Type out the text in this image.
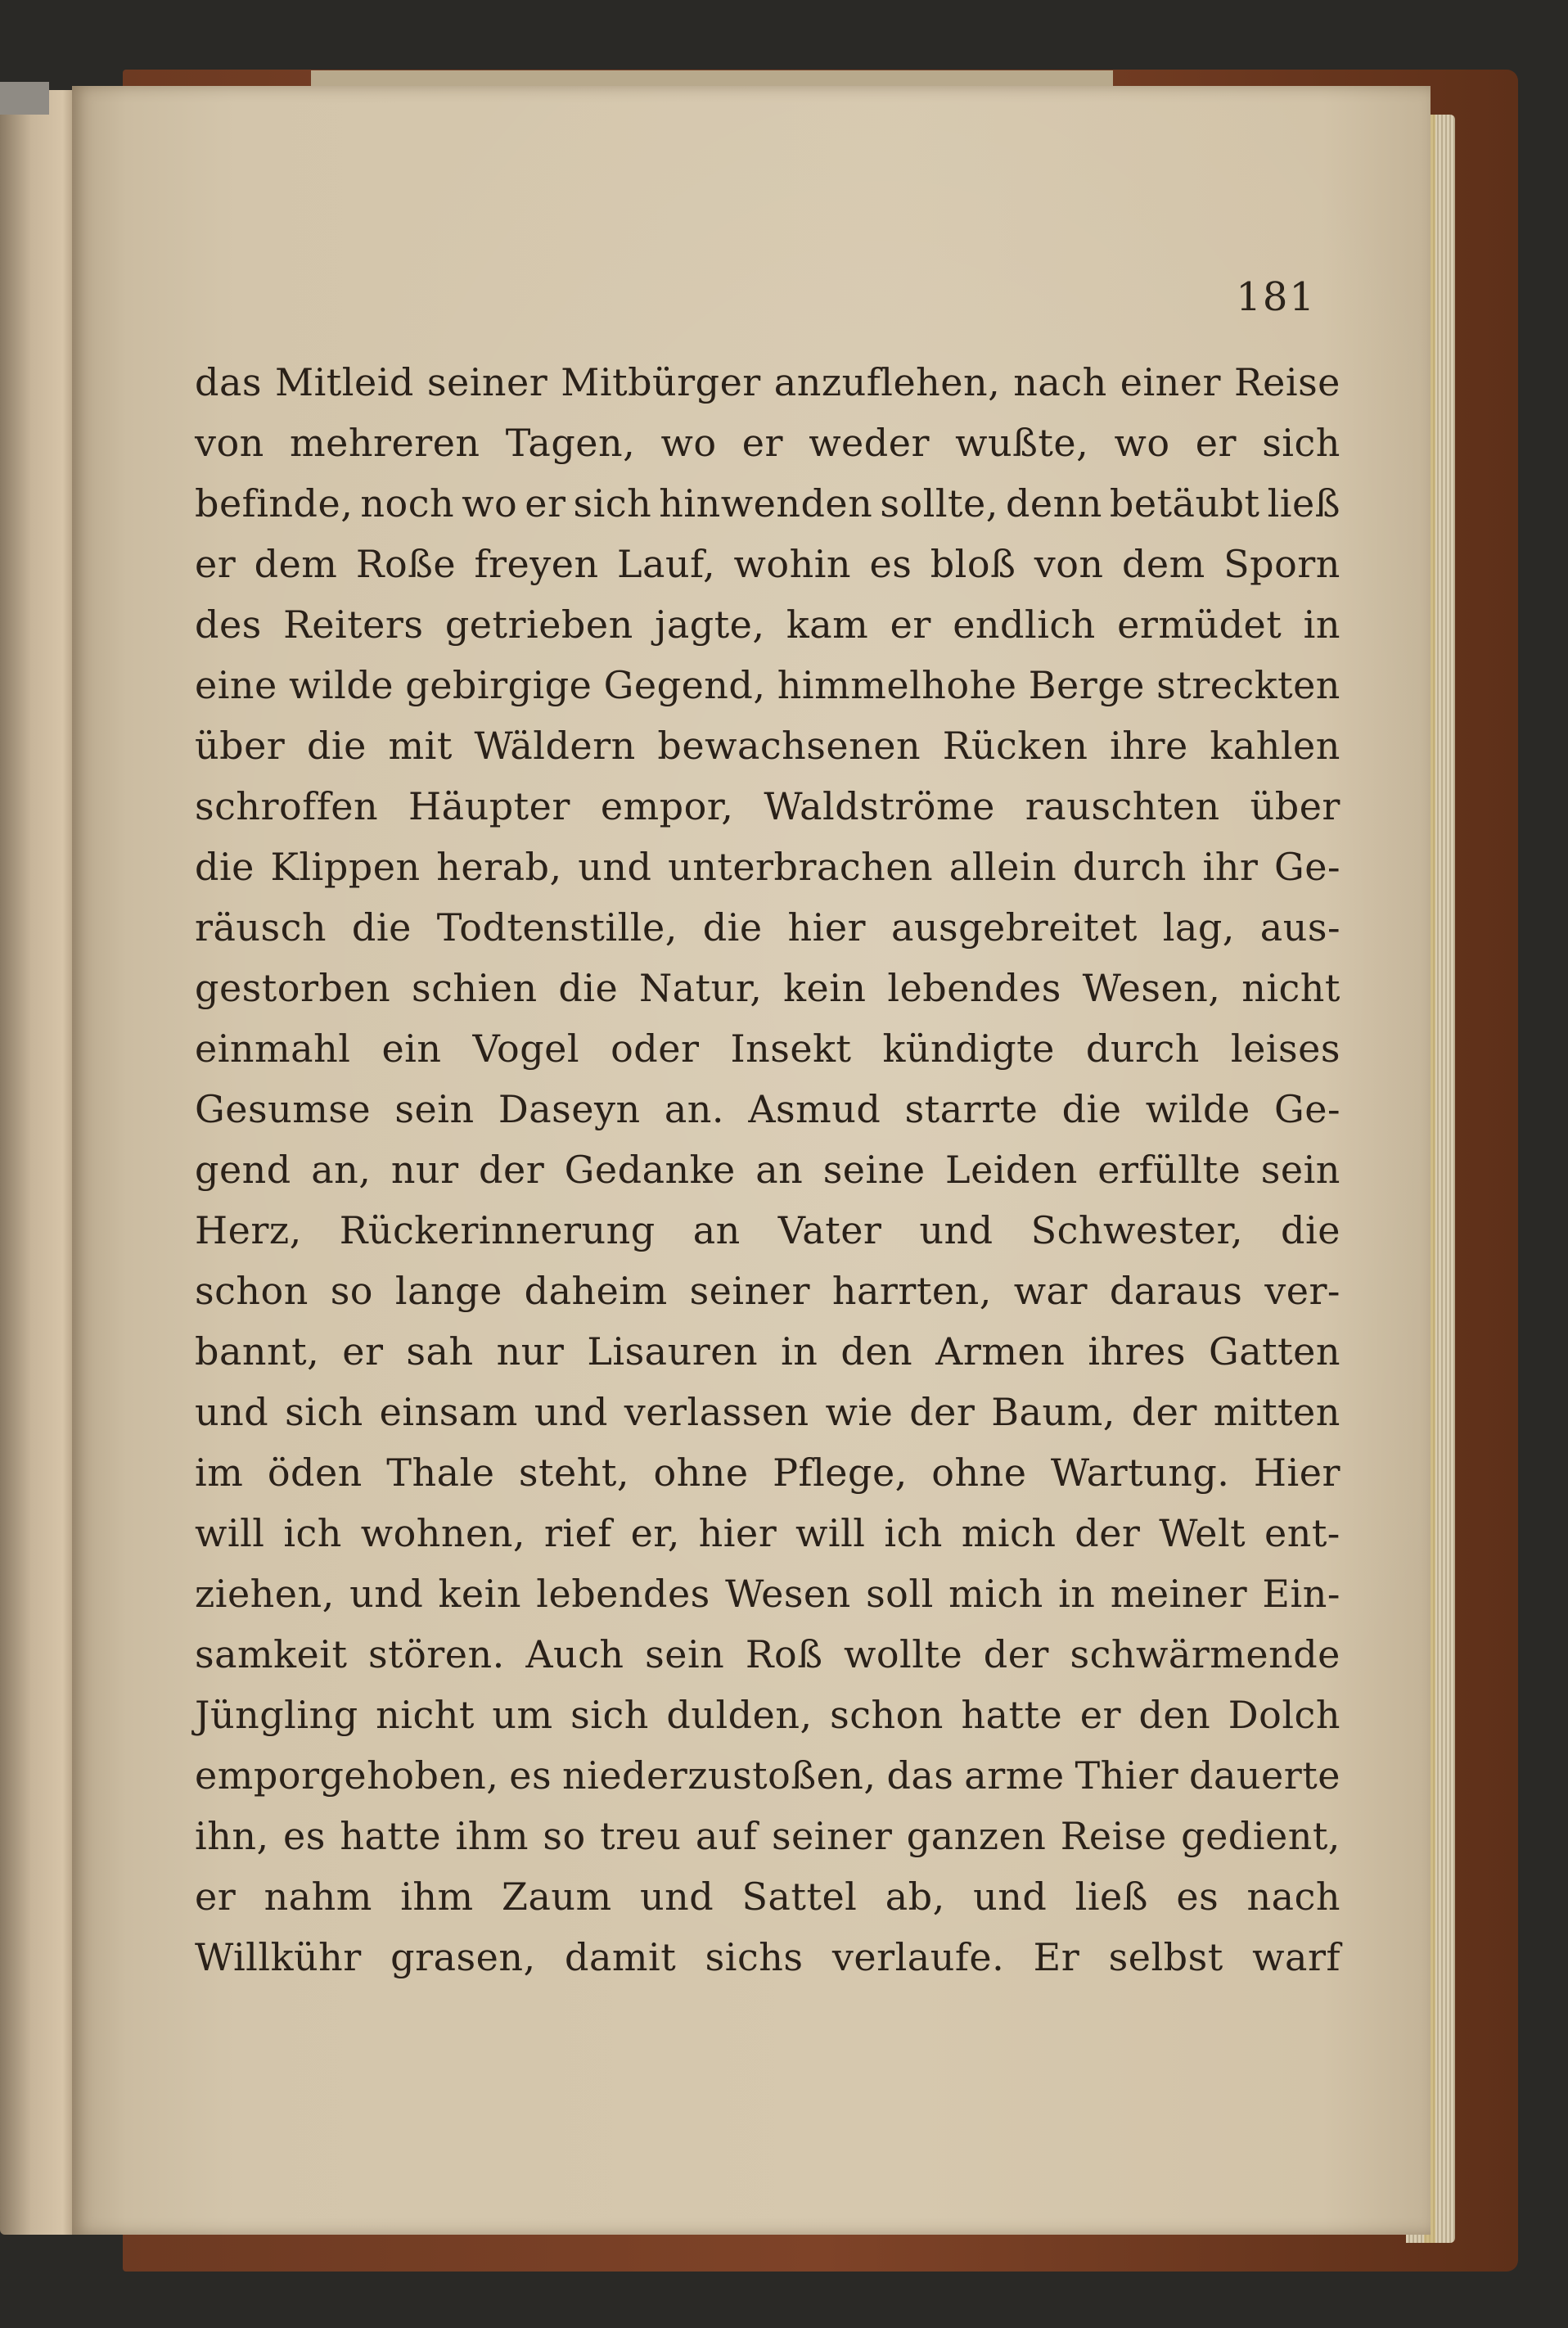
181
das Mitleid seiner Mitbürger anzuflehen, nach einer Reise
von mehreren Tagen, wo er weder wußte, wo er sich
befinde, noch wo er sich hinwenden sollte, denn betäubt ließ
er dem Roße freyen Lauf, wohin es bloß von dem Sporn
des Reiters getrieben jagte, kam er endlich ermüdet in
eine wilde gebirgige Gegend, himmelhohe Berge streckten
über die mit Wäldern bewachsenen Rücken ihre kahlen
schroffen Häupter empor, Waldströme rauschten über
die Klippen herab, und unterbrachen allein durch ihr Ge-
räusch die Todtenstille, die hier ausgebreitet lag, aus-
gestorben schien die Natur, kein lebendes Wesen, nicht
einmahl ein Vogel oder Insekt kündigte durch leises
Gesumse sein Daseyn an. Asmud starrte die wilde Ge-
gend an, nur der Gedanke an seine Leiden erfüllte sein
Herz, Rückerinnerung an Vater und Schwester, die
schon so lange daheim seiner harrten, war daraus ver-
bannt, er sah nur Lisauren in den Armen ihres Gatten
und sich einsam und verlassen wie der Baum, der mitten
im öden Thale steht, ohne Pflege, ohne Wartung. Hier
will ich wohnen, rief er, hier will ich mich der Welt ent-
ziehen, und kein lebendes Wesen soll mich in meiner Ein-
samkeit stören. Auch sein Roß wollte der schwärmende
Jüngling nicht um sich dulden, schon hatte er den Dolch
emporgehoben, es niederzustoßen, das arme Thier dauerte
ihn, es hatte ihm so treu auf seiner ganzen Reise gedient,
er nahm ihm Zaum und Sattel ab, und ließ es nach
Willkühr grasen, damit sichs verlaufe. Er selbst warf
